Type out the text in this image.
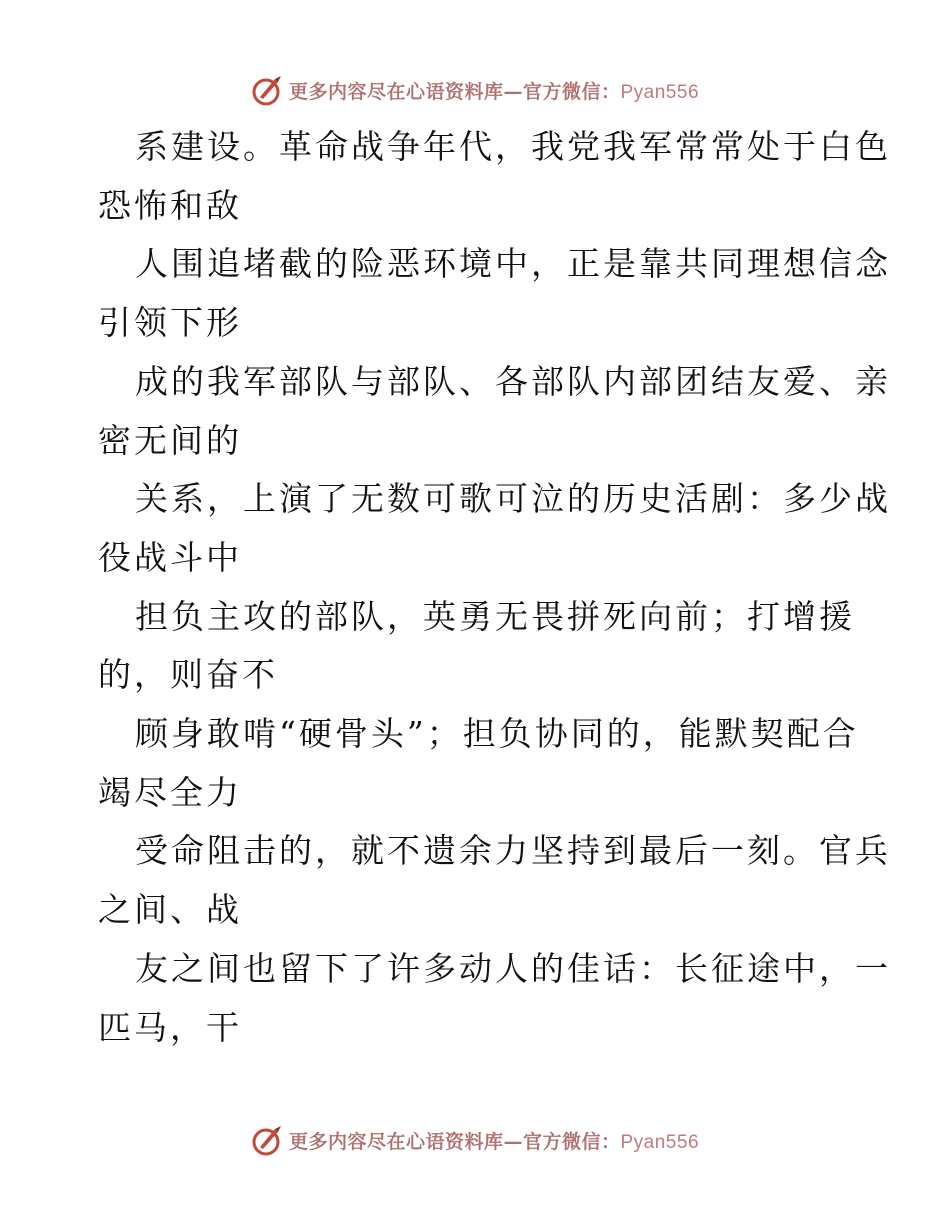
更多内容尽在心语资料库—官方微信：Pyan556

系建设。革命战争年代，我党我军常常处于白色
恐怖和敌

人围追堵截的险恶环境中，正是靠共同理想信念
引领下形

成的我军部队与部队、各部队内部团结友爱、亲
密无间的

关系，上演了无数可歌可泣的历史活剧：多少战
役战斗中

担负主攻的部队，英勇无畏拼死向前；打增援
的，则奋不

顾身敢啃“硬骨头”；担负协同的，能默契配合
竭尽全力

受命阻击的，就不遗余力坚持到最后一刻。官兵
之间、战

友之间也留下了许多动人的佳话：长征途中，一
匹马，干

更多内容尽在心语资料库—官方微信：Pyan556
